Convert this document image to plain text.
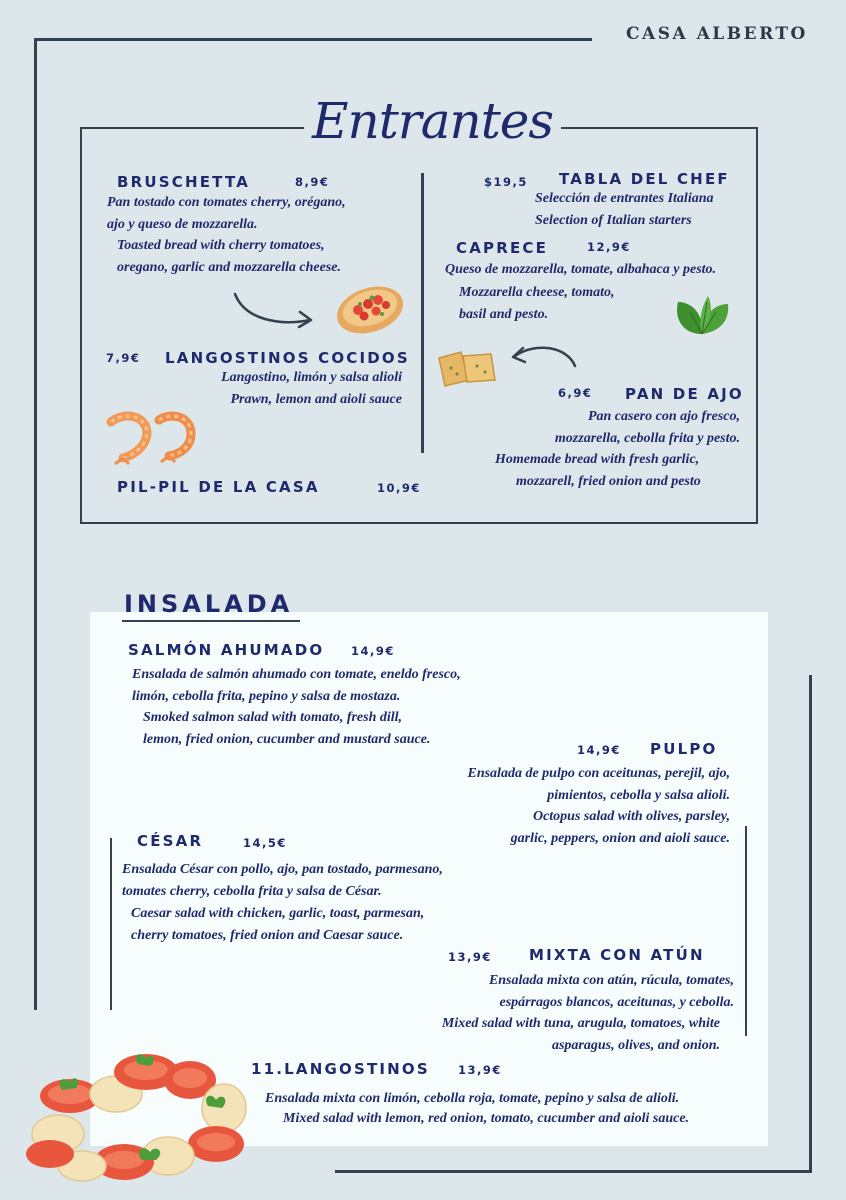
CASA ALBERTO
Entrantes
BRUSCHETTA	8,9€
Pan tostado con tomates cherry, orégano,
ajo y queso de mozzarella.
Toasted bread with cherry tomatoes,
oregano, garlic and mozzarella cheese.
7,9€ LANGOSTINOS COCIDOS
Langostino, limón y salsa alioli
Prawn, lemon and aioli sauce
PIL-PIL DE LA CASA	10,9€
$19,5 TABLA DEL CHEF
Selección de entrantes Italiana
Selection of Italian starters
CAPRECE	12,9€
Queso de mozzarella, tomate, albahaca y pesto.
Mozzarella cheese, tomato,
basil and pesto.
6,9€ PAN DE AJO
Pan casero con ajo fresco,
mozzarella, cebolla frita y pesto.
Homemade bread with fresh garlic,
mozzarell, fried onion and pesto
INSALADA
SALMÓN AHUMADO 14,9€
Ensalada de salmón ahumado con tomate, eneldo fresco,
limón, cebolla frita, pepino y salsa de mostaza.
Smoked salmon salad with tomato, fresh dill,
lemon, fried onion, cucumber and mustard sauce.
14,9€ PULPO
Ensalada de pulpo con aceitunas, perejil, ajo,
pimientos, cebolla y salsa alioli.
Octopus salad with olives, parsley,
garlic, peppers, onion and aioli sauce.
CÉSAR	14,5€
Ensalada César con pollo, ajo, pan tostado, parmesano,
tomates cherry, cebolla frita y salsa de César.
Caesar salad with chicken, garlic, toast, parmesan,
cherry tomatoes, fried onion and Caesar sauce.
13,9€ MIXTA CON ATÚN
Ensalada mixta con atún, rúcula, tomates,
espárragos blancos, aceitunas, y cebolla.
Mixed salad with tuna, arugula, tomatoes, white
asparagus, olives, and onion.
11.LANGOSTINOS 13,9€
Ensalada mixta con limón, cebolla roja, tomate, pepino y salsa de alioli.
Mixed salad with lemon, red onion, tomato, cucumber and aioli sauce.
